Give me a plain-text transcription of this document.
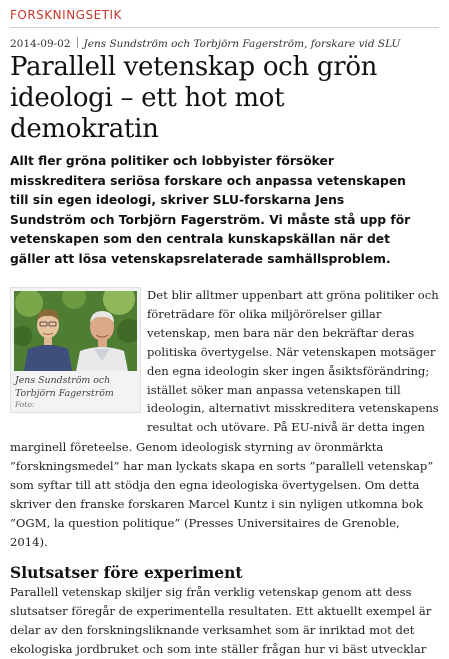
FORSKNINGSETIK
2014-09-02 Jens Sundström och Torbjörn Fagerström, forskare vid SLU
Parallell vetenskap och grön
ideologi – ett hot mot
demokratin
Allt fler gröna politiker och lobbyister försöker
misskreditera seriösa forskare och anpassa vetenskapen
till sin egen ideologi, skriver SLU-forskarna Jens
Sundström och Torbjörn Fagerström. Vi måste stå upp för
vetenskapen som den centrala kunskapskällan när det
gäller att lösa vetenskapsrelaterade samhällsproblem.
Jens Sundström och
Torbjörn Fagerström
Foto:
Det blir alltmer uppenbart att gröna politiker och
företrädare för olika miljörörelser gillar
vetenskap, men bara när den bekräftar deras
politiska övertygelse. När vetenskapen motsäger
den egna ideologin sker ingen åsiktsförändring;
istället söker man anpassa vetenskapen till
ideologin, alternativt misskreditera vetenskapens
resultat och utövare. På EU-nivå är detta ingen
marginell företeelse. Genom ideologisk styrning av öronmärkta
”forskningsmedel” har man lyckats skapa en sorts ”parallell vetenskap”
som syftar till att stödja den egna ideologiska övertygelsen. Om detta
skriver den franske forskaren Marcel Kuntz i sin nyligen utkomna bok
”OGM, la question politique” (Presses Universitaires de Grenoble,
2014).
Slutsatser före experiment
Parallell vetenskap skiljer sig från verklig vetenskap genom att dess
slutsatser föregår de experimentella resultaten. Ett aktuellt exempel är
delar av den forskningsliknande verksamhet som är inriktad mot det
ekologiska jordbruket och som inte ställer frågan hur vi bäst utvecklar
